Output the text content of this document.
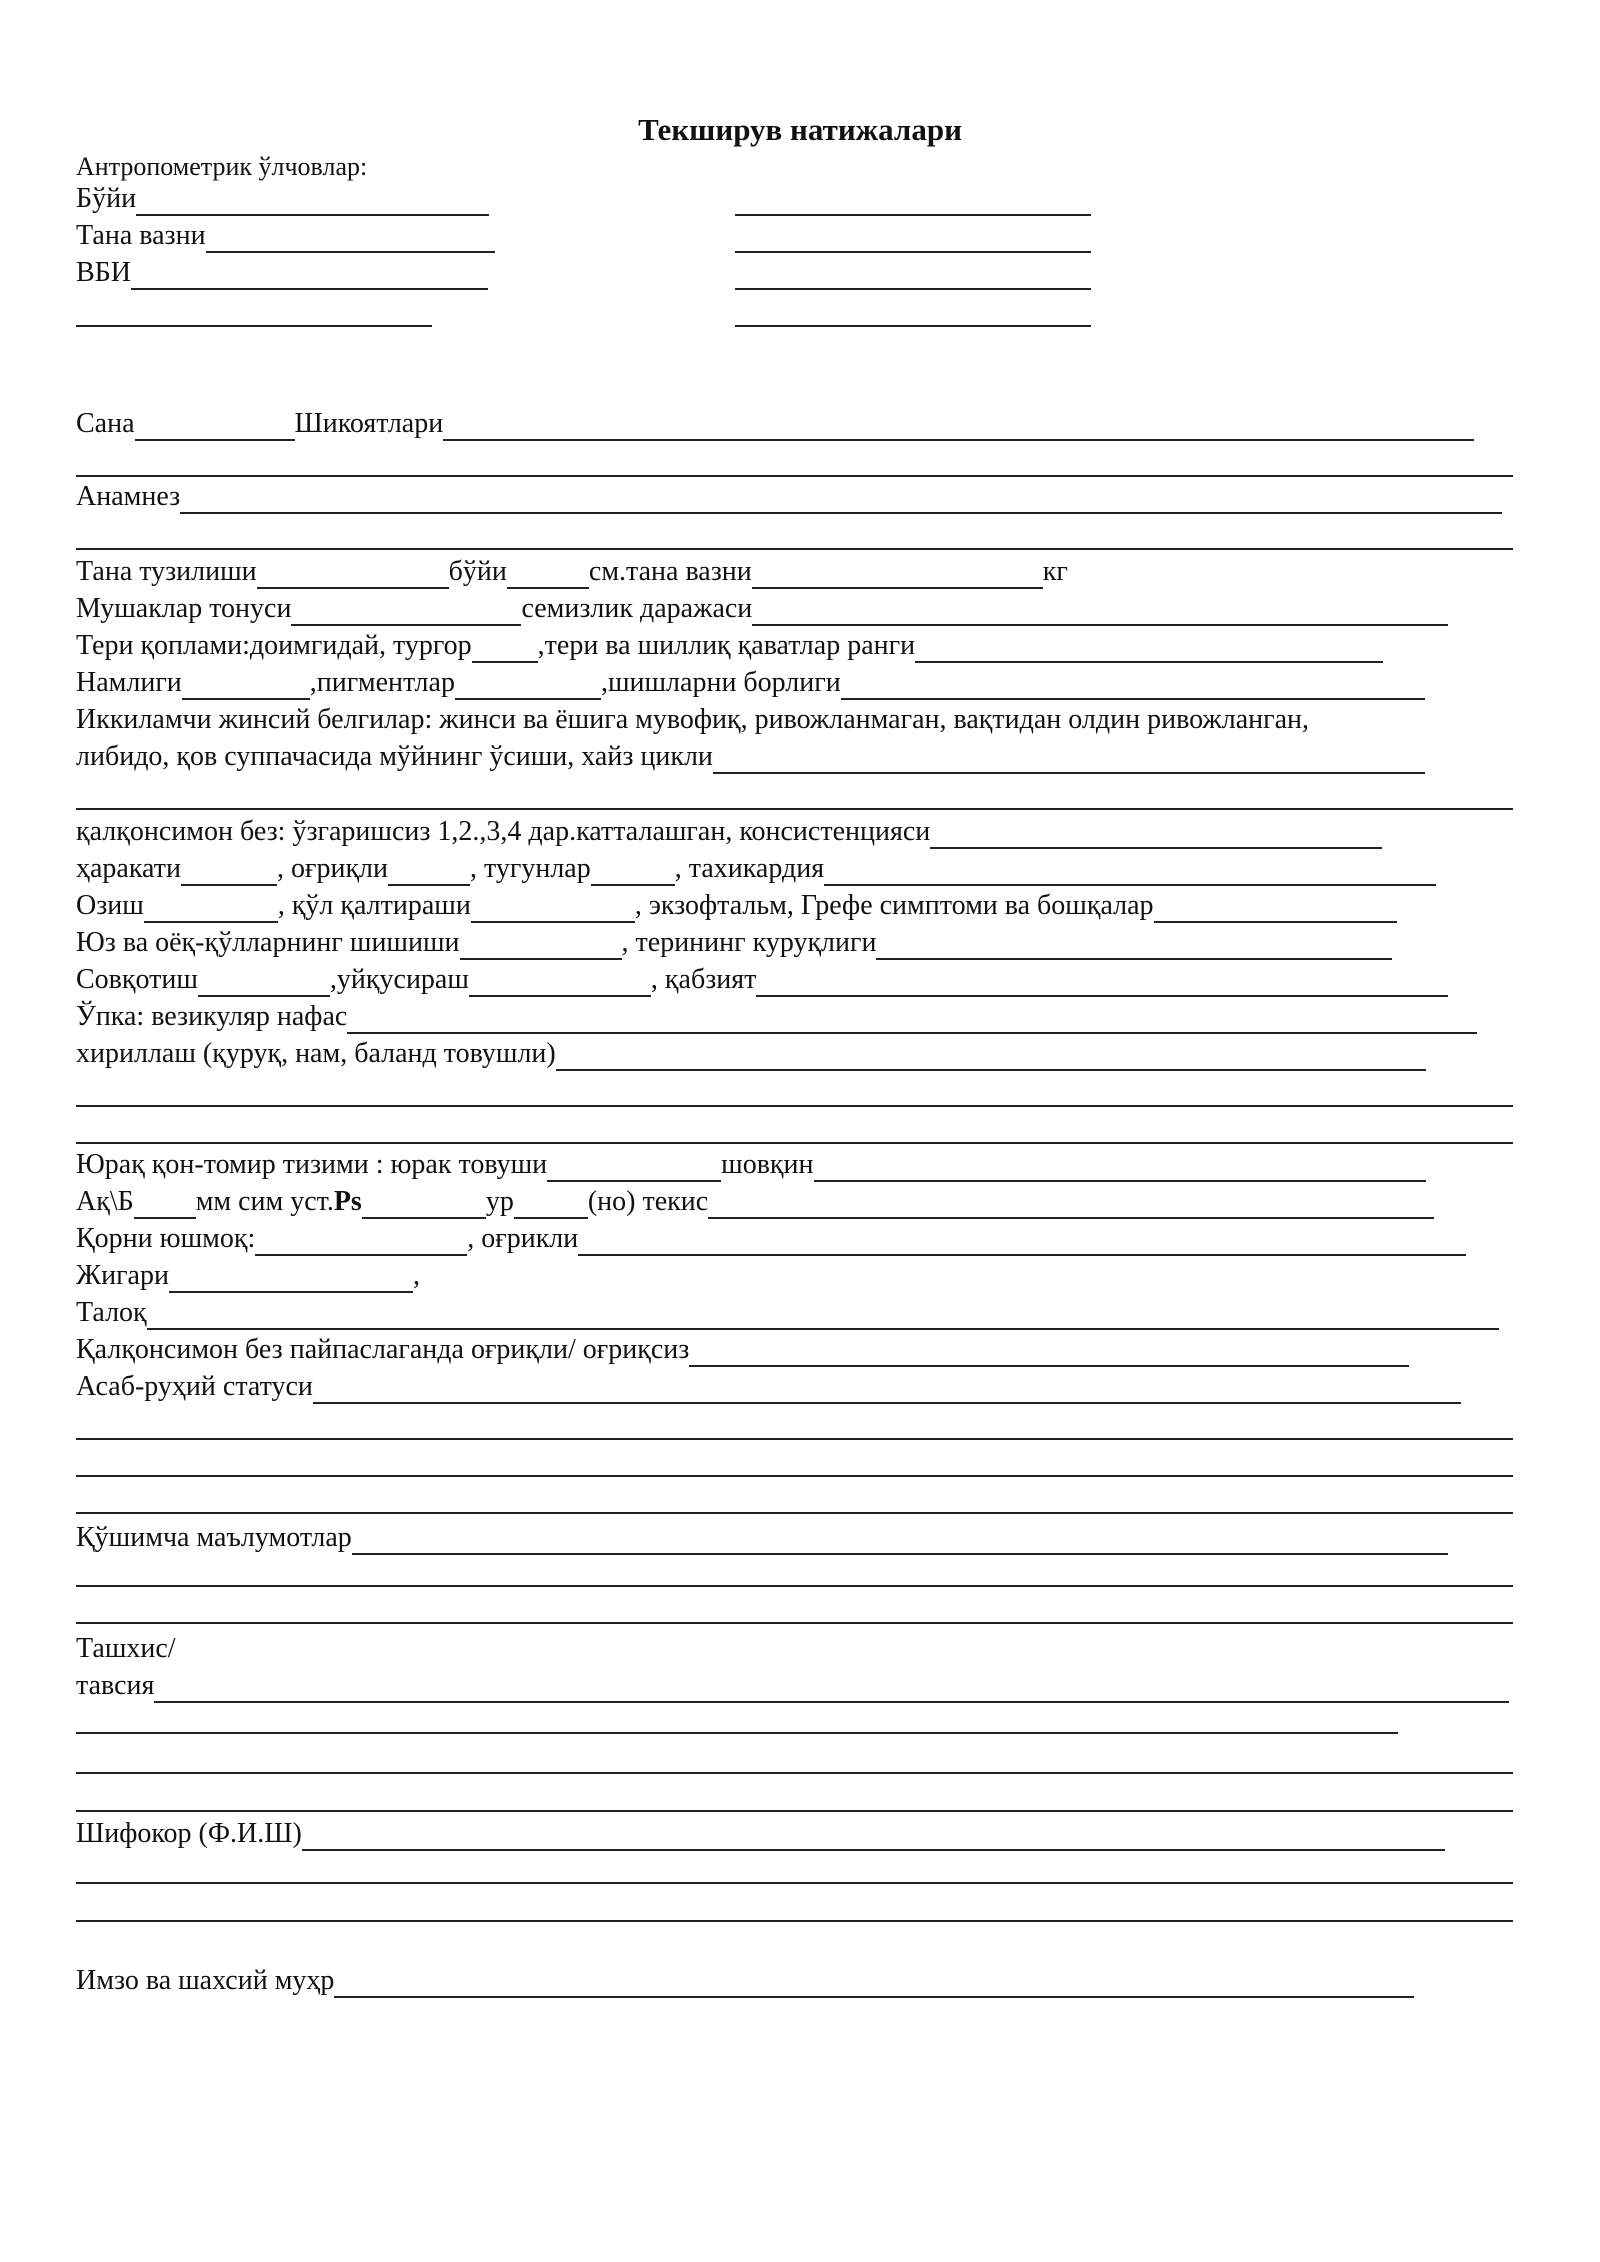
Текширув натижалари
Антропометрик ўлчовлар:
Бўйи
Тана вазни
ВБИ
Сана	Шикоятлари
Анамнез
Тана тузилиши	бўйи	см.тана вазни	кг
Мушаклар тонуси	семизлик даражаси
Тери қоплами:доимгидай, тургор ,тери ва шиллиқ қаватлар ранги
Намлиги	,пигментлар	,шишларни борлиги
Иккиламчи жинсий белгилар: жинси ва ёшига мувофиқ, ривожланмаган, вақтидан олдин ривожланган,
либидо, қов суппачасида мўйнинг ўсиши, хайз цикли
қалқонсимон без: ўзгаришсиз 1,2.,3,4 дар.катталашган, консистенцияси
ҳаракати	, оғриқли	, тугунлар	, тахикардия
Озиш	, қўл қалтираши	, экзофтальм, Грефе симптоми ва бошқалар
Юз ва оёқ-қўлларнинг шишиши	, терининг куруқлиги
Совқотиш	,уйқусираш	, қабзият
Ўпка: везикуляр нафас
хириллаш (қуруқ, нам, баланд товушли)
Юрақ қон-томир тизими : юрак товуши	шовқин
Ақ\Б мм сим уст. Ps	ур	(но) текис
Қорни юшмоқ:	, оғрикли
Жигари	,
Талоқ
Қалқонсимон без пайпаслаганда оғриқли/ оғриқсиз
Асаб-руҳий статуси
Қўшимча маълумотлар
Ташхис/
тавсия
Шифокор (Ф.И.Ш)
Имзо ва шахсий муҳр
